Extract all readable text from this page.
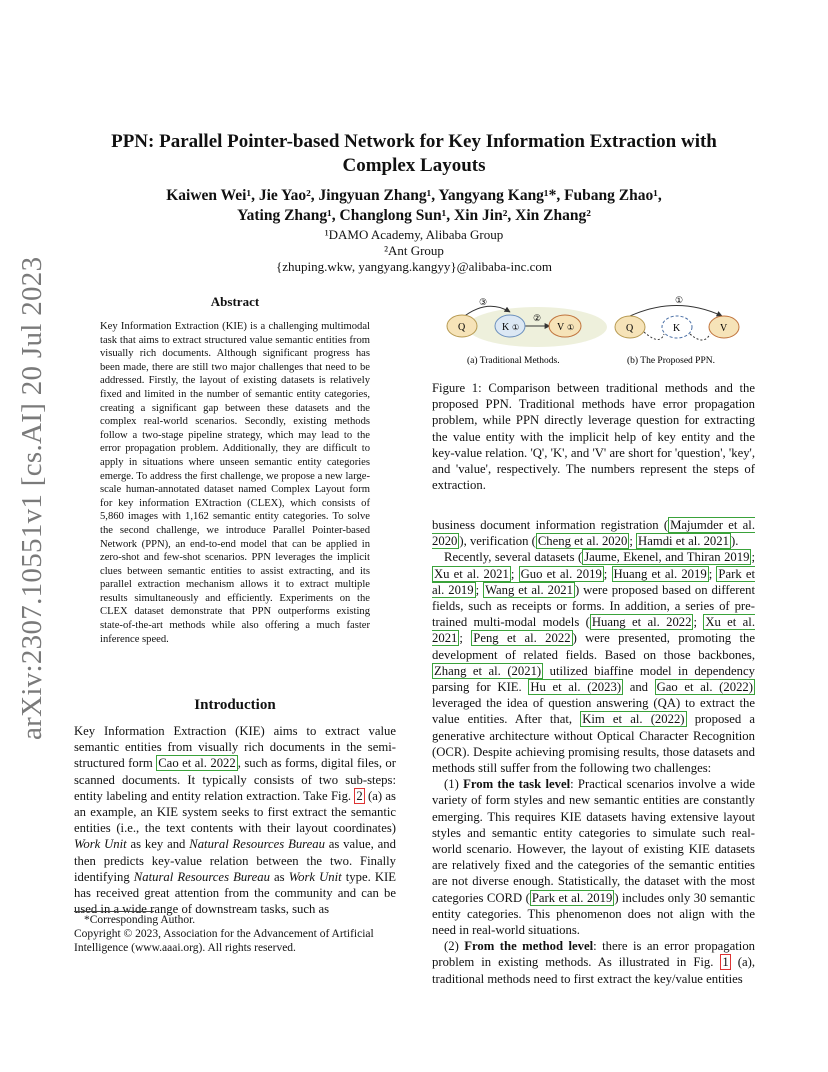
arXiv:2307.10551v1 [cs.AI] 20 Jul 2023
PPN: Parallel Pointer-based Network for Key Information Extraction with
Complex Layouts
Kaiwen Wei¹, Jie Yao², Jingyuan Zhang¹, Yangyang Kang¹*, Fubang Zhao¹,
Yating Zhang¹, Changlong Sun¹, Xin Jin², Xin Zhang²
¹DAMO Academy, Alibaba Group
²Ant Group
{zhuping.wkw, yangyang.kangyy}@alibaba-inc.com
Abstract
Key Information Extraction (KIE) is a challenging multimodal task that aims to extract structured value semantic entities from visually rich documents. Although significant progress has been made, there are still two major challenges that need to be addressed. Firstly, the layout of existing datasets is relatively fixed and limited in the number of semantic entity categories, creating a significant gap between these datasets and the complex real-world scenarios. Secondly, existing methods follow a two-stage pipeline strategy, which may lead to the error propagation problem. Additionally, they are difficult to apply in situations where unseen semantic entity categories emerge. To address the first challenge, we propose a new large-scale human-annotated dataset named Complex Layout form for key information EXtraction (CLEX), which consists of 5,860 images with 1,162 semantic entity categories. To solve the second challenge, we introduce Parallel Pointer-based Network (PPN), an end-to-end model that can be applied in zero-shot and few-shot scenarios. PPN leverages the implicit clues between semantic entities to assist extracting, and its parallel extraction mechanism allows it to extract multiple results simultaneously and efficiently. Experiments on the CLEX dataset demonstrate that PPN outperforms existing state-of-the-art methods while also offering a much faster inference speed.
Introduction

Key Information Extraction (KIE) aims to extract value semantic entities from visually rich documents in the semi-structured form Cao et al. 2022 , such as forms, digital files, or scanned documents. It typically consists of two sub-steps: entity labeling and entity relation extraction. Take Fig. 2 (a) as an example, an KIE system seeks to first extract the semantic entities (i.e., the text contents with their layout coordinates) Work Unit as key and Natural Resources Bureau as value, and then predicts key-value relation between the two. Finally identifying Natural Resources Bureau as Work Unit type. KIE has received great attention from the community and can be used in a wide range of downstream tasks, such as

*Corresponding Author.
Copyright © 2023, Association for the Advancement of Artificial Intelligence (www.aaai.org). All rights reserved.
③
②
Q	K ①	V ①
(a) Traditional Methods.
①
Q	K	V
(b) The Proposed PPN.
Figure 1: Comparison between traditional methods and the proposed PPN. Traditional methods have error propagation problem, while PPN directly leverage question for extracting the value entity with the implicit help of key entity and the key-value relation. 'Q', 'K', and 'V' are short for 'question', 'key', and 'value', respectively. The numbers represent the steps of extraction.

business document information registration ( Majumder et al. 2020 ), verification ( Cheng et al. 2020 ; Hamdi et al. 2021 ).

Recently, several datasets ( Jaume, Ekenel, and Thiran 2019 ; Xu et al. 2021 ; Guo et al. 2019 ; Huang et al. 2019 ; Park et al. 2019 ; Wang et al. 2021 ) were proposed based on different fields, such as receipts or forms. In addition, a series of pre-trained multi-modal models ( Huang et al. 2022 ; Xu et al. 2021 ; Peng et al. 2022 ) were presented, promoting the development of related fields. Based on those backbones, Zhang et al. (2021) utilized biaffine model in dependency parsing for KIE. Hu et al. (2023) and Gao et al. (2022) leveraged the idea of question answering (QA) to extract the value entities. After that, Kim et al. (2022) proposed a generative architecture without Optical Character Recognition (OCR). Despite achieving promising results, those datasets and methods still suffer from the following two challenges:

(1) From the task level: Practical scenarios involve a wide variety of form styles and new semantic entities are constantly emerging. This requires KIE datasets having extensive layout styles and semantic entity categories to simulate such real-world scenario. However, the layout of existing KIE datasets are relatively fixed and the categories of the semantic entities are not diverse enough. Statistically, the dataset with the most categories CORD ( Park et al. 2019 ) includes only 30 semantic entity categories. This phenomenon does not align with the need in real-world situations.

(2) From the method level: there is an error propagation problem in existing methods. As illustrated in Fig. 1 (a), traditional methods need to first extract the key/value entities
